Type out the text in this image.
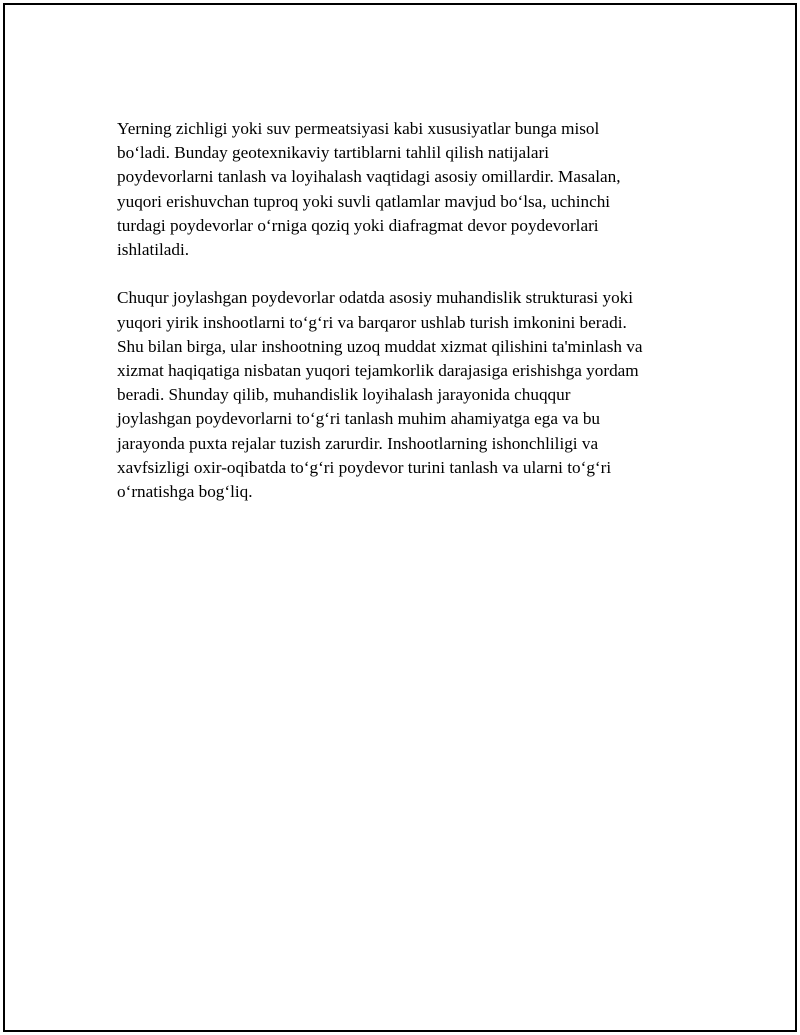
Yerning zichligi yoki suv permeatsiyasi kabi xususiyatlar bunga misol
bo‘ladi. Bunday geotexnikaviy tartiblarni tahlil qilish natijalari
poydevorlarni tanlash va loyihalash vaqtidagi asosiy omillardir. Masalan,
yuqori erishuvchan tuproq yoki suvli qatlamlar mavjud bo‘lsa, uchinchi
turdagi poydevorlar o‘rniga qoziq yoki diafragmat devor poydevorlari
ishlatiladi.

Chuqur joylashgan poydevorlar odatda asosiy muhandislik strukturasi yoki
yuqori yirik inshootlarni to‘g‘ri va barqaror ushlab turish imkonini beradi.
Shu bilan birga, ular inshootning uzoq muddat xizmat qilishini ta'minlash va
xizmat haqiqatiga nisbatan yuqori tejamkorlik darajasiga erishishga yordam
beradi. Shunday qilib, muhandislik loyihalash jarayonida chuqqur
joylashgan poydevorlarni to‘g‘ri tanlash muhim ahamiyatga ega va bu
jarayonda puxta rejalar tuzish zarurdir. Inshootlarning ishonchliligi va
xavfsizligi oxir-oqibatda to‘g‘ri poydevor turini tanlash va ularni to‘g‘ri
o‘rnatishga bog‘liq.
